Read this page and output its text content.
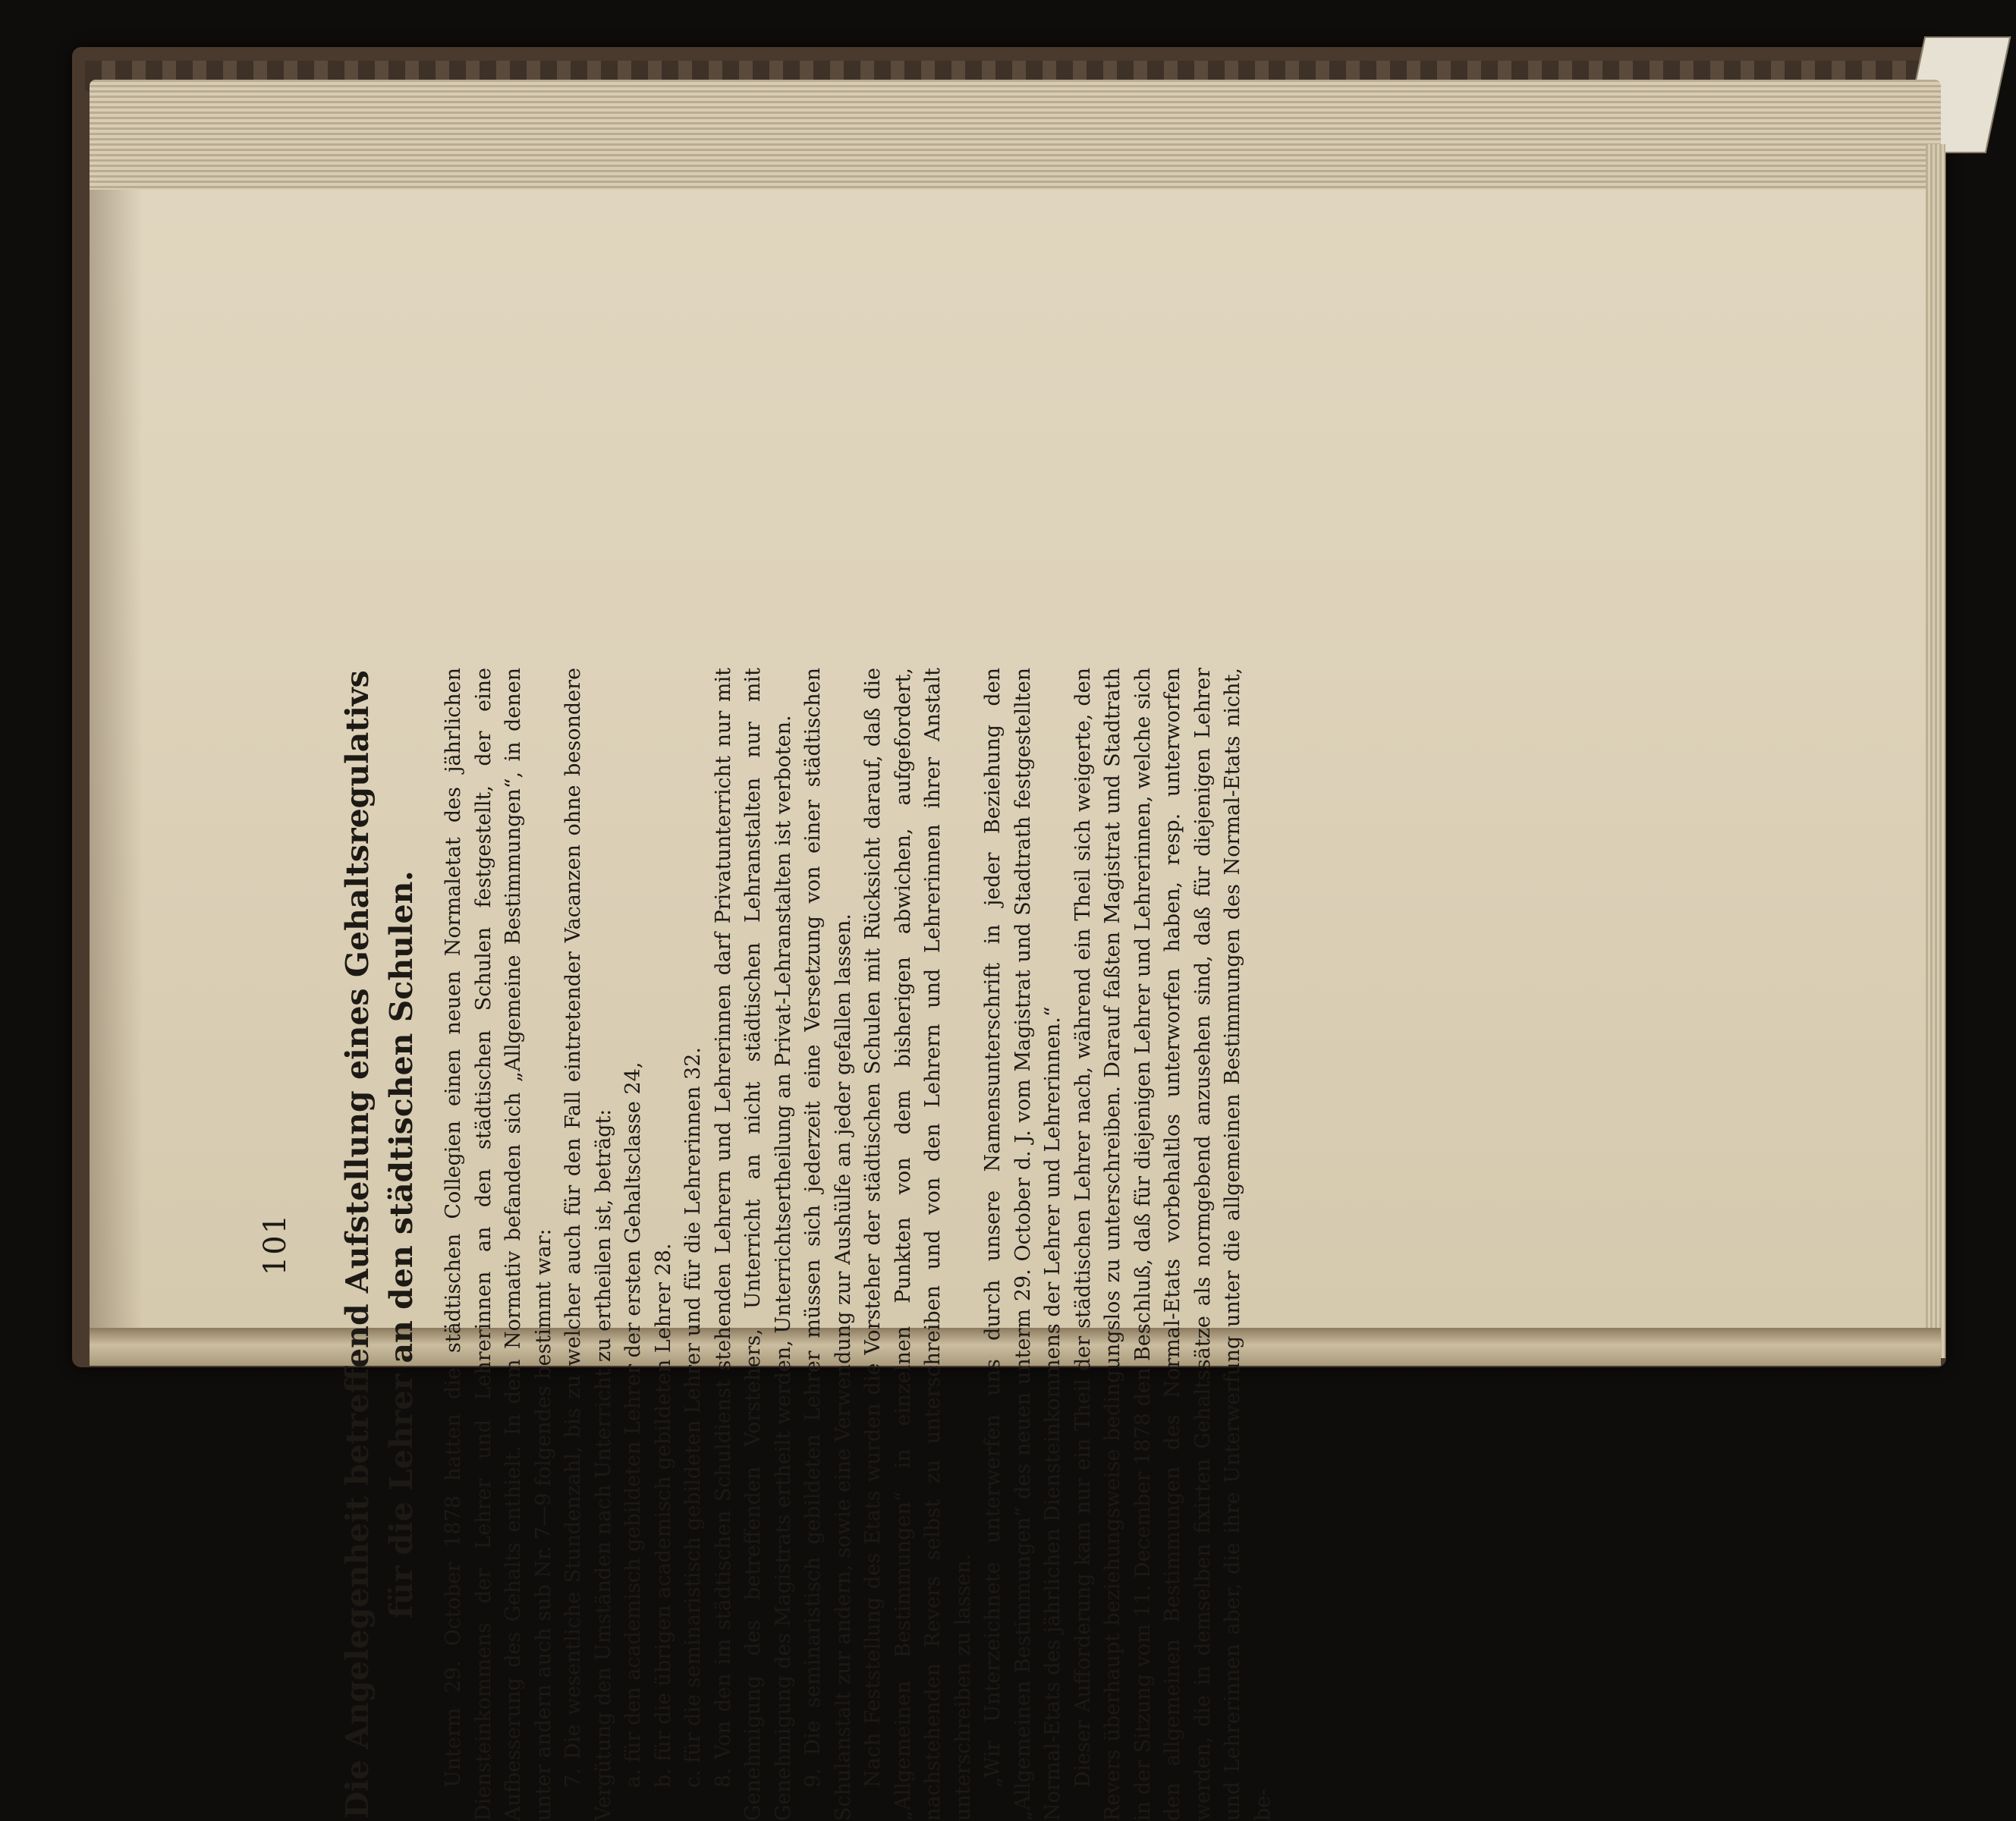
101 Die Angelegenheit betreffend Aufstellung eines Gehaltsregulativs für die Lehrer an den städtischen Schulen. Unterm 29. October 1878 hatten die städtischen Collegien einen neuen Normaletat des jährlichen Diensteinkommens der Lehrer und Lehrerinnen an den städtischen Schulen festgestellt, der eine Aufbesserung des Gehalts enthielt. In dem Normativ befanden sich „Allgemeine Bestimmungen“, in denen unter andern auch sub Nr. 7—9 folgendes bestimmt war: 7. Die wesentliche Stundenzahl, bis zu welcher auch für den Fall eintretender Vacanzen ohne besondere Vergütung den Umständen nach Unterricht zu ertheilen ist, beträgt: a. für den academisch gebildeten Lehrer der ersten Gehaltsclasse 24, b. für die übrigen academisch gebildeten Lehrer 28. c. für die seminaristisch gebildeten Lehrer und für die Lehrerinnen 32. 8. Von den im städtischen Schuldienst stehenden Lehrern und Lehrerinnen darf Privatunterricht nur mit Genehmigung des betreffenden Vorstehers, Unterricht an nicht städtischen Lehranstalten nur mit Genehmigung des Magistrats ertheilt werden, Unterrichtsertheilung an Privat-Lehranstalten ist verboten. 9. Die seminaristisch gebildeten Lehrer müssen sich jederzeit eine Versetzung von einer städtischen Schulanstalt zur andern, sowie eine Verwendung zur Aushülfe an jeder gefallen lassen. Nach Feststellung des Etats wurden die Vorsteher der städtischen Schulen mit Rücksicht darauf, daß die „Allgemeinen Bestimmungen“ in einzelnen Punkten von dem bisherigen abwichen, aufgefordert, nachstehenden Revers selbst zu unterschreiben und von den Lehrern und Lehrerinnen ihrer Anstalt unterschreiben zu lassen. „Wir Unterzeichnete unterwerfen uns durch unsere Namensunterschrift in jeder Beziehung den „Allgemeinen Bestimmungen“ des neuen unterm 29. October d. J. vom Magistrat und Stadtrath festgestellten Normal-Etats des jährlichen Diensteinkommens der Lehrer und Lehrerinnen.“ Dieser Aufforderung kam nur ein Theil der städtischen Lehrer nach, während ein Theil sich weigerte, den Revers überhaupt beziehungsweise bedingungslos zu unterschreiben. Darauf faßten Magistrat und Stadtrath in der Sitzung vom 11. December 1878 den Beschluß, daß für diejenigen Lehrer und Lehrerinnen, welche sich den allgemeinen Bestimmungen des Normal-Etats vorbehaltlos unterworfen haben, resp. unterworfen werden, die in demselben fixirten Gehaltssätze als normgebend anzusehen sind, daß für diejenigen Lehrer und Lehrerinnen aber, die ihre Unterwerfung unter die allgemeinen Bestimmungen des Normal-Etats nicht, be-
